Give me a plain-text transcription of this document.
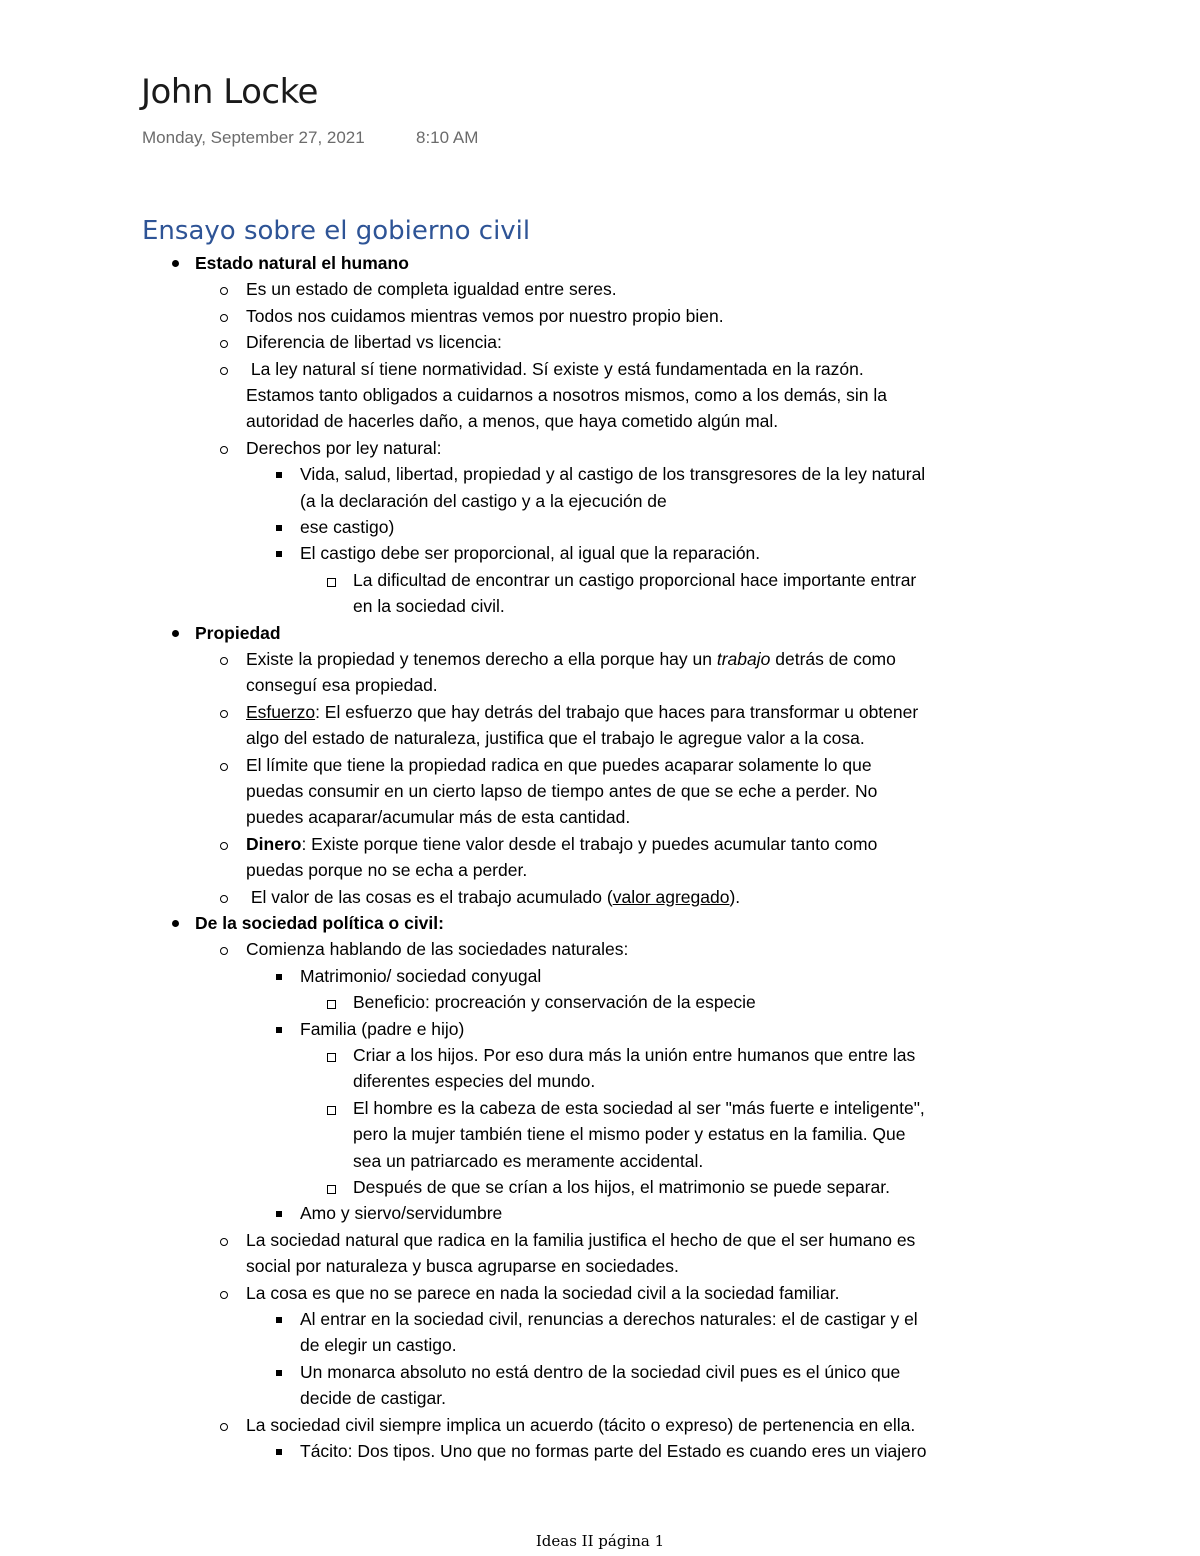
John Locke
Monday, September 27, 2021	8:10 AM
Ensayo sobre el gobierno civil
Estado natural el humano
Es un estado de completa igualdad entre seres.
Todos nos cuidamos mientras vemos por nuestro propio bien.
Diferencia de libertad vs licencia:
La ley natural sí tiene normatividad. Sí existe y está fundamentada en la razón.
Estamos tanto obligados a cuidarnos a nosotros mismos, como a los demás, sin la
autoridad de hacerles daño, a menos, que haya cometido algún mal.
Derechos por ley natural:
Vida, salud, libertad, propiedad y al castigo de los transgresores de la ley natural
(a la declaración del castigo y a la ejecución de
ese castigo)
El castigo debe ser proporcional, al igual que la reparación.
La dificultad de encontrar un castigo proporcional hace importante entrar
en la sociedad civil.
Propiedad
Existe la propiedad y tenemos derecho a ella porque hay un trabajo detrás de como
conseguí esa propiedad.
Esfuerzo: El esfuerzo que hay detrás del trabajo que haces para transformar u obtener
algo del estado de naturaleza, justifica que el trabajo le agregue valor a la cosa.
El límite que tiene la propiedad radica en que puedes acaparar solamente lo que
puedas consumir en un cierto lapso de tiempo antes de que se eche a perder. No
puedes acaparar/acumular más de esta cantidad.
Dinero: Existe porque tiene valor desde el trabajo y puedes acumular tanto como
puedas porque no se echa a perder.
El valor de las cosas es el trabajo acumulado (valor agregado).
De la sociedad política o civil:
Comienza hablando de las sociedades naturales:
Matrimonio/ sociedad conyugal
Beneficio: procreación y conservación de la especie
Familia (padre e hijo)
Criar a los hijos. Por eso dura más la unión entre humanos que entre las
diferentes especies del mundo.
El hombre es la cabeza de esta sociedad al ser "más fuerte e inteligente",
pero la mujer también tiene el mismo poder y estatus en la familia. Que
sea un patriarcado es meramente accidental.
Después de que se crían a los hijos, el matrimonio se puede separar.
Amo y siervo/servidumbre
La sociedad natural que radica en la familia justifica el hecho de que el ser humano es
social por naturaleza y busca agruparse en sociedades.
La cosa es que no se parece en nada la sociedad civil a la sociedad familiar.
Al entrar en la sociedad civil, renuncias a derechos naturales: el de castigar y el
de elegir un castigo.
Un monarca absoluto no está dentro de la sociedad civil pues es el único que
decide de castigar.
La sociedad civil siempre implica un acuerdo (tácito o expreso) de pertenencia en ella.
Tácito: Dos tipos. Uno que no formas parte del Estado es cuando eres un viajero
Ideas II página 1
